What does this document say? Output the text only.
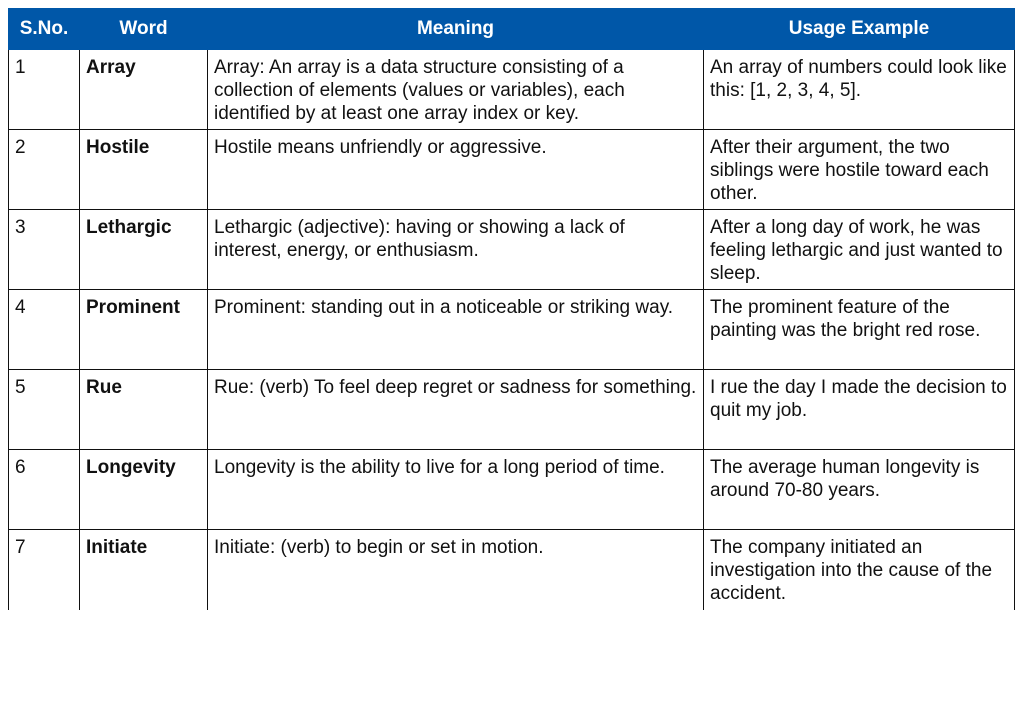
S.No.	Word	Meaning	Usage Example
1	Array	Array: An array is a data structure consisting of a collection of elements (values or variables), each identified by at least one array index or key.	An array of numbers could look like this: [1, 2, 3, 4, 5].
2	Hostile	Hostile means unfriendly or aggressive.	After their argument, the two siblings were hostile toward each other.
3	Lethargic	Lethargic (adjective): having or showing a lack of interest, energy, or enthusiasm.	After a long day of work, he was feeling lethargic and just wanted to sleep.
4	Prominent	Prominent: standing out in a noticeable or striking way.	The prominent feature of the painting was the bright red rose.
5	Rue	Rue: (verb) To feel deep regret or sadness for something.	I rue the day I made the decision to quit my job.
6	Longevity	Longevity is the ability to live for a long period of time.	The average human longevity is around 70-80 years.
7	Initiate	Initiate: (verb) to begin or set in motion.	The company initiated an investigation into the cause of the accident.
